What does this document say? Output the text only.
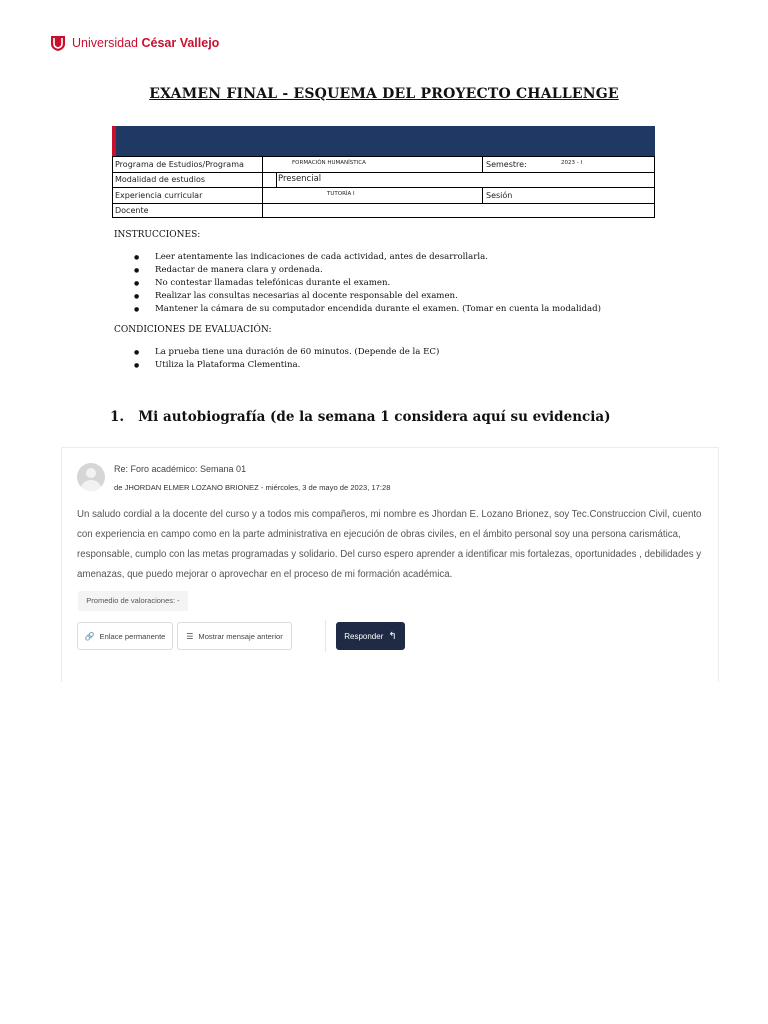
Universidad César Vallejo
EXAMEN FINAL - ESQUEMA DEL PROYECTO CHALLENGE
Programa de Estudios/Programa	FORMACIÓN HUMANÍSTICA	Semestre:	2023 - I
Modalidad de estudios	Presencial
Experiencia curricular	TUTORÍA I	Sesión
Docente
INSTRUCCIONES:
● Leer atentamente las indicaciones de cada actividad, antes de desarrollarla.
● Redactar de manera clara y ordenada.
● No contestar llamadas telefónicas durante el examen.
● Realizar las consultas necesarias al docente responsable del examen.
● Mantener la cámara de su computador encendida durante el examen. (Tomar en cuenta la modalidad)
CONDICIONES DE EVALUACIÓN:
● La prueba tiene una duración de 60 minutos. (Depende de la EC)
● Utiliza la Plataforma Clementina.
1. Mi autobiografía (de la semana 1 considera aquí su evidencia)
Re: Foro académico: Semana 01
de JHORDAN ELMER LOZANO BRIONEZ - miércoles, 3 de mayo de 2023, 17:28
Un saludo cordial a la docente del curso y a todos mis compañeros, mi nombre es Jhordan E. Lozano Brionez, soy Tec.Construccion Civil, cuento con experiencia en campo como en la parte administrativa en ejecución de obras civiles, en el ámbito personal soy una persona carismática, responsable, cumplo con las metas programadas y solidario. Del curso espero aprender a identificar mis fortalezas, oportunidades , debilidades y amenazas, que puedo mejorar o aprovechar en el proceso de mi formación académica.
Promedio de valoraciones: -
🔗 Enlace permanente	☰ Mostrar mensaje anterior	Responder ↰
